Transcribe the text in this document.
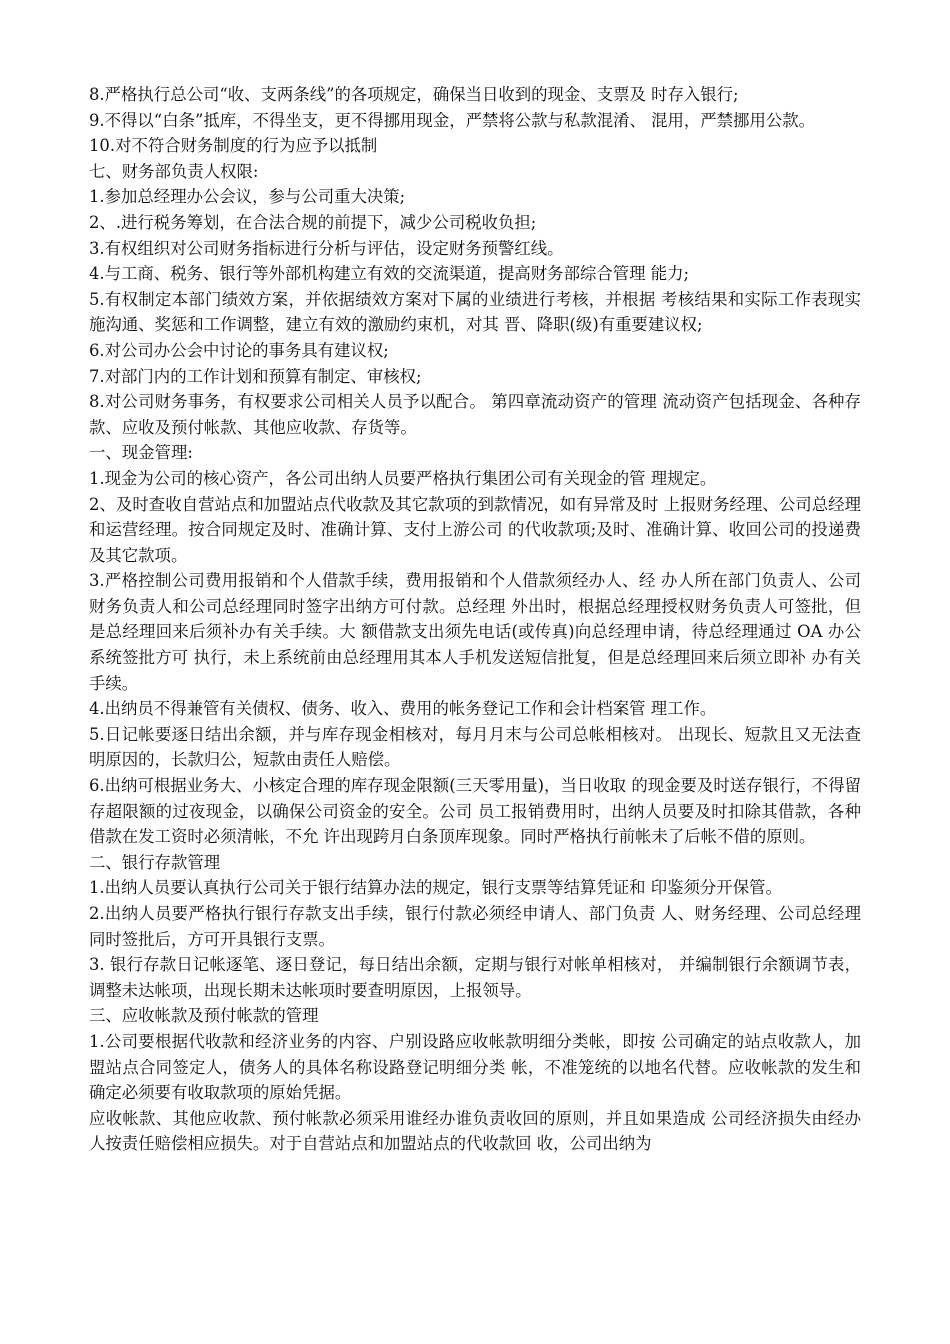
8.严格执行总公司“收、支两条线”的各项规定，确保当日收到的现金、支票及 时存入银行;

9.不得以“白条”抵库，不得坐支，更不得挪用现金，严禁将公款与私款混淆、 混用，严禁挪用公款。

10.对不符合财务制度的行为应予以抵制

七、财务部负责人权限:

1.参加总经理办公会议，参与公司重大决策;

2、.进行税务筹划，在合法合规的前提下，减少公司税收负担;

3.有权组织对公司财务指标进行分析与评估，设定财务预警红线。

4.与工商、税务、银行等外部机构建立有效的交流渠道，提高财务部综合管理 能力;

5.有权制定本部门绩效方案，并依据绩效方案对下属的业绩进行考核，并根据 考核结果和实际工作表现实施沟通、奖惩和工作调整，建立有效的激励约束机，对其 晋、降职(级)有重要建议权;

6.对公司办公会中讨论的事务具有建议权;

7.对部门内的工作计划和预算有制定、审核权;

8.对公司财务事务，有权要求公司相关人员予以配合。 第四章流动资产的管理 流动资产包括现金、各种存款、应收及预付帐款、其他应收款、存货等。

一、现金管理:

1.现金为公司的核心资产，各公司出纳人员要严格执行集团公司有关现金的管 理规定。

2、及时查收自营站点和加盟站点代收款及其它款项的到款情况，如有异常及时 上报财务经理、公司总经理和运营经理。按合同规定及时、准确计算、支付上游公司 的代收款项;及时、准确计算、收回公司的投递费及其它款项。

3.严格控制公司费用报销和个人借款手续，费用报销和个人借款须经办人、经 办人所在部门负责人、公司财务负责人和公司总经理同时签字出纳方可付款。总经理 外出时，根据总经理授权财务负责人可签批，但是总经理回来后须补办有关手续。大 额借款支出须先电话(或传真)向总经理申请，待总经理通过 OA 办公系统签批方可 执行，未上系统前由总经理用其本人手机发送短信批复，但是总经理回来后须立即补 办有关手续。

4.出纳员不得兼管有关债权、债务、收入、费用的帐务登记工作和会计档案管 理工作。

5.日记帐要逐日结出余额，并与库存现金相核对，每月月末与公司总帐相核对。 出现长、短款且又无法查明原因的，长款归公，短款由责任人赔偿。

6.出纳可根据业务大、小核定合理的库存现金限额(三天零用量)，当日收取 的现金要及时送存银行，不得留存超限额的过夜现金，以确保公司资金的安全。公司 员工报销费用时，出纳人员要及时扣除其借款，各种借款在发工资时必须清帐，不允 许出现跨月白条顶库现象。同时严格执行前帐未了后帐不借的原则。

二、银行存款管理

1.出纳人员要认真执行公司关于银行结算办法的规定，银行支票等结算凭证和 印鉴须分开保管。

2.出纳人员要严格执行银行存款支出手续，银行付款必须经申请人、部门负责 人、财务经理、公司总经理同时签批后，方可开具银行支票。

3. 银行存款日记帐逐笔、逐日登记，每日结出余额，定期与银行对帐单相核对， 并编制银行余额调节表，调整未达帐项，出现长期未达帐项时要查明原因，上报领导。

三、应收帐款及预付帐款的管理

1.公司要根据代收款和经济业务的内容、户别设路应收帐款明细分类帐，即按 公司确定的站点收款人，加盟站点合同签定人，债务人的具体名称设路登记明细分类 帐，不准笼统的以地名代替。应收帐款的发生和确定必须要有收取款项的原始凭据。

应收帐款、其他应收款、预付帐款必须采用谁经办谁负责收回的原则，并且如果造成 公司经济损失由经办人按责任赔偿相应损失。对于自营站点和加盟站点的代收款回 收，公司出纳为
